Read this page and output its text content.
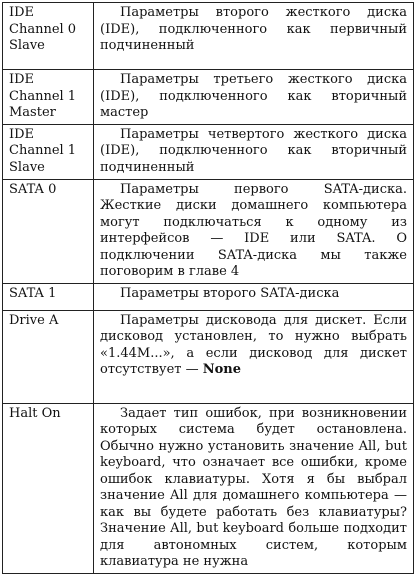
IDE
Channel 0
Slave	Параметры второго жесткого диска (IDE), подключенного как первичный подчиненный

IDE
Channel 1
Master	Параметры третьего жесткого диска (IDE), подключенного как вторичный мастер

IDE
Channel 1
Slave	Параметры четвертого жесткого диска (IDE), подключенного как вторичный подчиненный

SATA 0	Параметры первого SATA-диска. Жесткие диски домашнего компьютера могут подключаться к одному из интерфейсов — IDE или SATA. О подключении SATA-диска мы также поговорим в главе 4

SATA 1	Параметры второго SATA-диска

Drive A	Параметры дисковода для дискет. Если дисковод установлен, то нужно выбрать «1.44M...», а если дисковод для дискет отсутствует — None

Halt On	Задает тип ошибок, при возникновении которых система будет остановлена. Обычно нужно установить значение All, but keyboard, что означает все ошибки, кроме ошибок клавиатуры. Хотя я бы выбрал значение All для домашнего компьютера — как вы будете работать без клавиатуры? Значение All, but keyboard больше подходит для автономных систем, которым клавиатура не нужна
